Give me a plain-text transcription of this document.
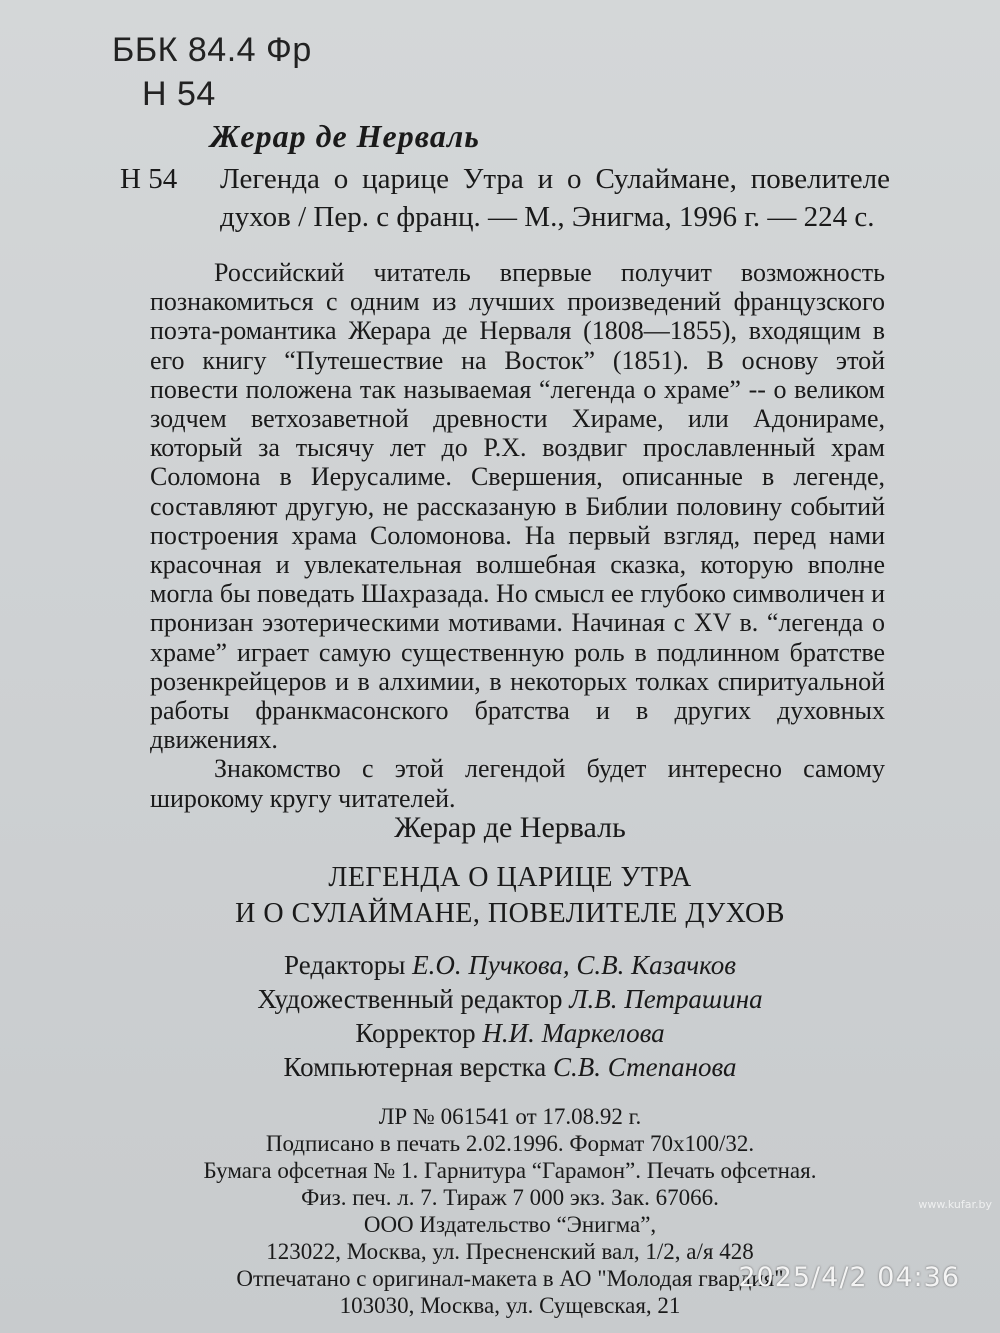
ББК 84.4 Фр
Н 54
Жерар де Нерваль
Н 54 Легенда о царице Утра и о Сулаймане, повелителе духов / Пер. с франц. — М., Энигма, 1996 г. — 224 с.

Российский читатель впервые получит возможность познакомиться с одним из лучших произведений французского поэта-романтика Жерара де Нерваля (1808—1855), входящим в его книгу “Путешествие на Восток” (1851). В основу этой повести положена так называемая “легенда о храме” -- о великом зодчем ветхозаветной древности Хираме, или Адонираме, который за тысячу лет до Р.Х. воздвиг прославленный храм Соломона в Иерусалиме. Свершения, описанные в легенде, составляют другую, не рассказаную в Библии половину событий построения храма Соломонова. На первый взгляд, перед нами красочная и увлекательная волшебная сказка, которую вполне могла бы поведать Шахразада. Но смысл ее глубоко символичен и пронизан эзотерическими мотивами. Начиная с XV в. “легенда о храме” играет самую существенную роль в подлинном братстве розенкрейцеров и в алхимии, в некоторых толках спиритуальной работы франкмасонского братства и в других духовных движениях.

Знакомство с этой легендой будет интересно самому широкому кругу читателей.

Жерар де Нерваль
ЛЕГЕНДА О ЦАРИЦЕ УТРА
И О СУЛАЙМАНЕ, ПОВЕЛИТЕЛЕ ДУХОВ
Редакторы Е.О. Пучкова, С.В. Казачков
Художественный редактор Л.В. Петрашина
Корректор Н.И. Маркелова
Компьютерная верстка С.В. Степанова
ЛР № 061541 от 17.08.92 г.
Подписано в печать 2.02.1996. Формат 70x100/32.
Бумага офсетная № 1. Гарнитура “Гарамон”. Печать офсетная.
Физ. печ. л. 7. Тираж 7 000 экз. Зак. 67066.
ООО Издательство “Энигма”,
123022, Москва, ул. Пресненский вал, 1/2, а/я 428
Отпечатано с оригинал-макета в АО "Молодая гвардия"
103030, Москва, ул. Сущевская, 21
www.kufar.by
2025/4/2 04:36
